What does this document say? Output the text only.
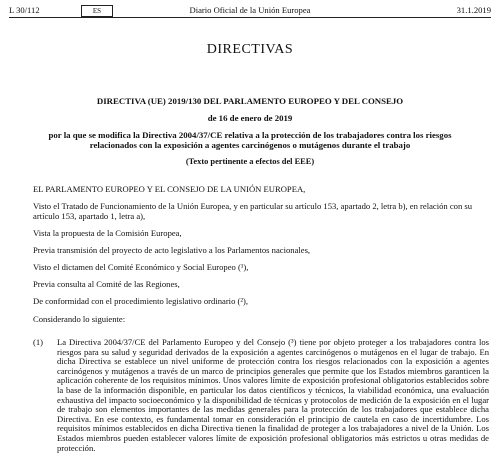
Diario Oficial de la Unión Europea
L 30/112	ES	31.1.2019
DIRECTIVAS
DIRECTIVA (UE) 2019/130 DEL PARLAMENTO EUROPEO Y DEL CONSEJO
de 16 de enero de 2019
por la que se modifica la Directiva 2004/37/CE relativa a la protección de los trabajadores contra los riesgos relacionados con la exposición a agentes carcinógenos o mutágenos durante el trabajo
(Texto pertinente a efectos del EEE)
EL PARLAMENTO EUROPEO Y EL CONSEJO DE LA UNIÓN EUROPEA,
Visto el Tratado de Funcionamiento de la Unión Europea, y en particular su artículo 153, apartado 2, letra b), en relación con su artículo 153, apartado 1, letra a),
Vista la propuesta de la Comisión Europea,
Previa transmisión del proyecto de acto legislativo a los Parlamentos nacionales,
Visto el dictamen del Comité Económico y Social Europeo (¹),
Previa consulta al Comité de las Regiones,
De conformidad con el procedimiento legislativo ordinario (²),
Considerando lo siguiente:
(1) La Directiva 2004/37/CE del Parlamento Europeo y del Consejo (³) tiene por objeto proteger a los trabajadores contra los riesgos para su salud y seguridad derivados de la exposición a agentes carcinógenos o mutágenos en el lugar de trabajo. En dicha Directiva se establece un nivel uniforme de protección contra los riesgos relacionados con la exposición a agentes carcinógenos y mutágenos a través de un marco de principios generales que permite que los Estados miembros garanticen la aplicación coherente de los requisitos mínimos. Unos valores límite de exposición profesional obligatorios establecidos sobre la base de la información disponible, en particular los datos científicos y técnicos, la viabilidad económica, una evaluación exhaustiva del impacto socioeconómico y la disponibilidad de técnicas y protocolos de medición de la exposición en el lugar de trabajo son elementos importantes de las medidas generales para la protección de los trabajadores que establece dicha Directiva. En ese contexto, es fundamental tomar en consideración el principio de cautela en caso de incertidumbre. Los requisitos mínimos establecidos en dicha Directiva tienen la finalidad de proteger a los trabajadores a nivel de la Unión. Los Estados miembros pueden establecer valores límite de exposición profesional obligatorios más estrictos u otras medidas de protección.
